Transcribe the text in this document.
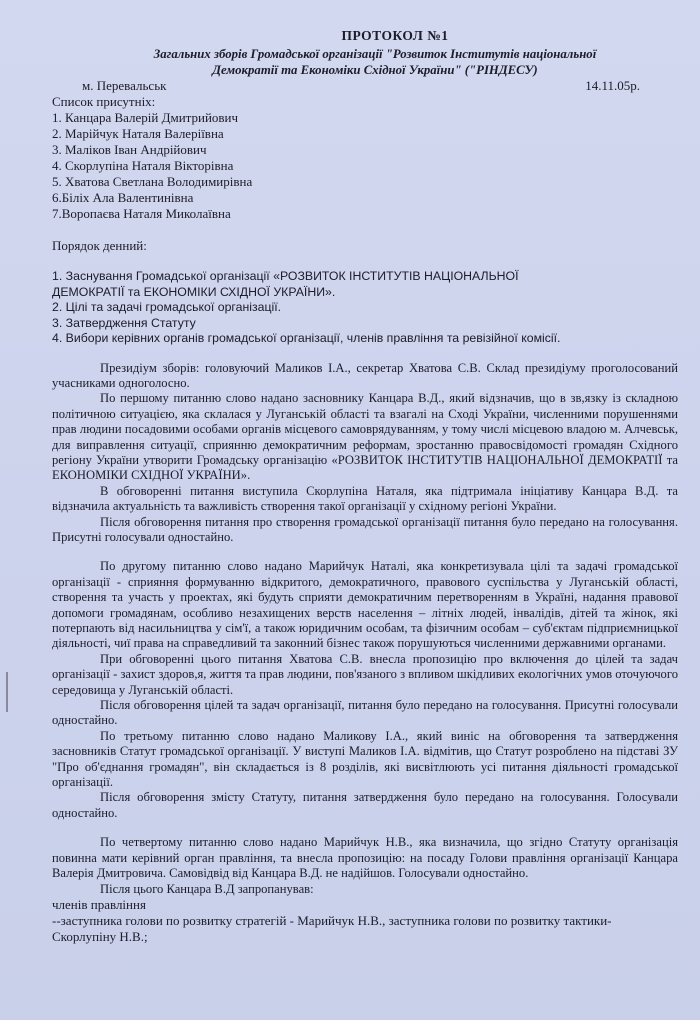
ПРОТОКОЛ №1
Загальних зборів Громадської організації "Розвиток Інститутів національної
Демократії та Економіки Східної України" ("РІНДЕСУ)
м. Перевальськ	14.11.05р.
Список присутніх:
1. Канцара Валерій Дмитрийович
2. Марійчук Наталя Валеріївна
3. Маліков Іван Андрійович
4. Скорлупіна Наталя Вікторівна
5. Хватова Светлана Володимирівна
6.Біліх Ала Валентинівна
7.Воропаєва Наталя Миколаївна
Порядок денний:
1. Заснування Громадської організації «РОЗВИТОК ІНСТИТУТІВ НАЦІОНАЛЬНОЇ
ДЕМОКРАТІЇ та ЕКОНОМІКИ СХІДНОЇ УКРАЇНИ».
2. Цілі та задачі громадської організації.
3. Затвердження Статуту
4. Вибори керівних органів громадської організації, членів правління та ревізійної комісії.

Президіум зборів: головуючий Маликов І.А., секретар Хватова С.В. Склад президіуму проголосований учасниками одноголосно.

По першому питанню слово надано засновнику Канцара В.Д., який відзначив, що в зв,язку із складною політичною ситуацією, яка склалася у Луганській області та взагалі на Сході України, численними порушеннями прав людини посадовими особами органів місцевого самоврядуванням, у тому числі місцевою владою м. Алчевськ, для виправлення ситуації, сприянню демократичним реформам, зростанню правосвідомості громадян Східного регіону України утворити Громадську організацію «РОЗВИТОК ІНСТИТУТІВ НАЦІОНАЛЬНОЇ ДЕМОКРАТІЇ та ЕКОНОМІКИ СХІДНОЇ УКРАЇНИ».

В обговоренні питання виступила Скорлупіна Наталя, яка підтримала ініціативу Канцара В.Д. та відзначила актуальність та важливість створення такої організації у східному регіоні України.

Після обговорення питання про створення громадської організації питання було передано на голосування. Присутні голосували одностайно.

По другому питанню слово надано Марийчук Наталі, яка конкретизувала цілі та задачі громадської організації - сприяння формуванню відкритого, демократичного, правового суспільства у Луганській області, створення та участь у проектах, які будуть сприяти демократичним перетворенням в Україні, надання правової допомоги громадянам, особливо незахищених верств населення – літніх людей, інвалідів, дітей та жінок, які потерпають від насильництва у сім'ї, а також юридичним особам, та фізичним особам – суб'єктам підприємницької діяльності, чиї права на справедливий та законний бізнес також порушуються численними державними органами.

При обговоренні цього питання Хватова С.В. внесла пропозицію про включення до цілей та задач організації - захист здоров,я, життя та прав людини, пов'язаного з впливом шкідливих екологічних умов оточуючого середовища у Луганській області.

Після обговорення цілей та задач організації, питання було передано на голосування. Присутні голосували одностайно.

По третьому питанню слово надано Маликову І.А., який виніс на обговорення та затвердження засновників Статут громадської організації. У виступі Маликов І.А. відмітив, що Статут розроблено на підставі ЗУ "Про об'єднання громадян", він складається із 8 розділів, які висвітлюють усі питання діяльності громадської організації.

Після обговорення змісту Статуту, питання затвердження було передано на голосування. Голосували одностайно.

По четвертому питанню слово надано Марийчук Н.В., яка визначила, що згідно Статуту організація повинна мати керівний орган правління, та внесла пропозицію: на посаду Голови правління організації Канцара Валерія Дмитровича. Самовідвід від Канцара В.Д. не надійшов. Голосували одностайно.

Після цього Канцара В.Д запропанував:

членів правління
--заступника голови по розвитку стратегій - Марийчук Н.В., заступника голови по розвитку тактики- Скорлупіну Н.В.;
